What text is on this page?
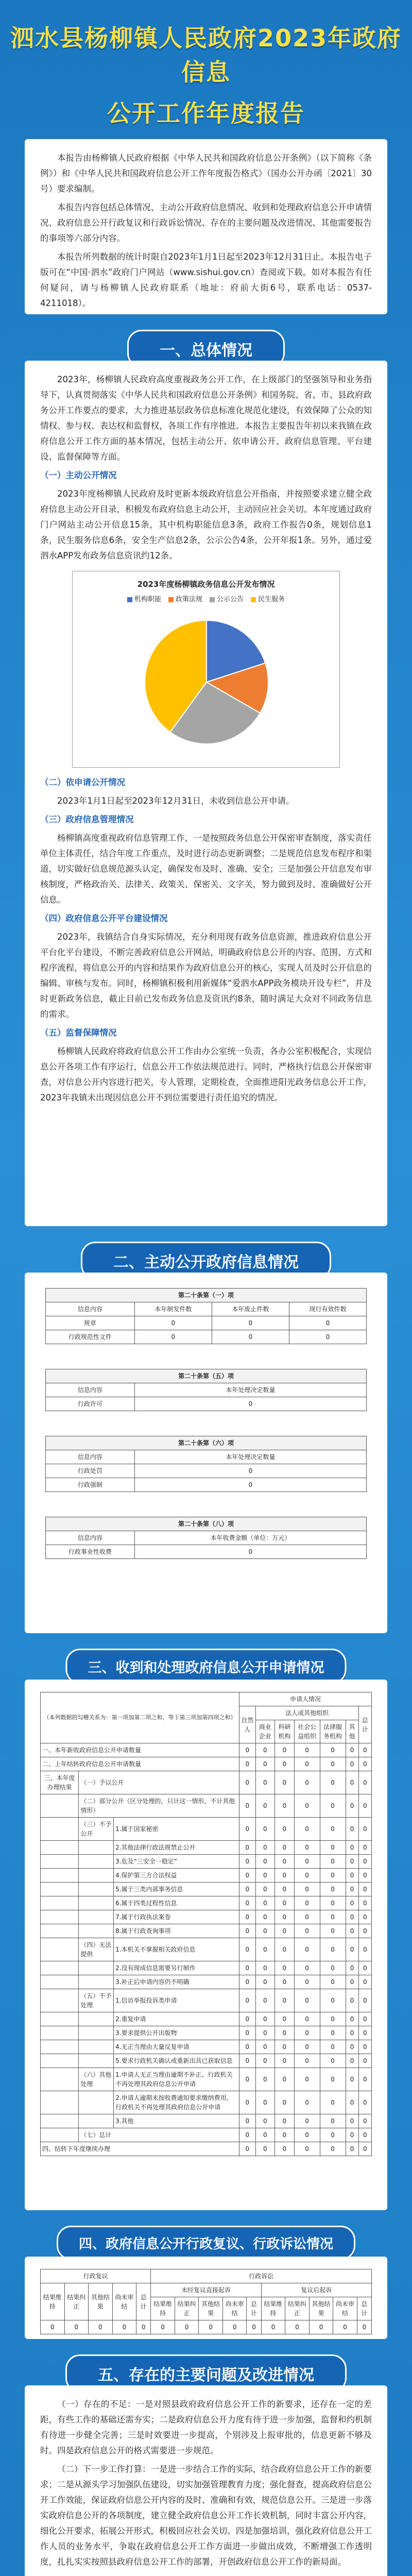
泗水县杨柳镇人民政府2023年政府信息
公开工作年度报告

本报告由杨柳镇人民政府根据《中华人民共和国政府信息公开条例》（以下简称《条例》）和《中华人民共和国政府信息公开工作年度报告格式》（国办公开办函〔2021〕30号）要求编制。

本报告内容包括总体情况、主动公开政府信息情况、收到和处理政府信息公开申请情况、政府信息公开行政复议和行政诉讼情况、存在的主要问题及改进情况、其他需要报告的事项等六部分内容。

本报告所列数据的统计时限自2023年1月1日起至2023年12月31日止。本报告电子版可在“中国·泗水”政府门户网站（www.sishui.gov.cn）查阅或下载。如对本报告有任何疑问，请与杨柳镇人民政府联系（地址：府前大街6号，联系电话：0537-4211018）。

一、总体情况

2023年，杨柳镇人民政府高度重视政务公开工作，在上级部门的坚强领导和业务指导下，认真贯彻落实《中华人民共和国政府信息公开条例》和国务院、省、市、县政府政务公开工作要点的要求，大力推进基层政务信息标准化规范化建设，有效保障了公众的知情权、参与权、表达权和监督权，各项工作有序推进。本报告主要报告年初以来我镇在政府信息公开工作方面的基本情况，包括主动公开、依申请公开、政府信息管理、平台建设、监督保障等方面。

（一）主动公开情况

2023年度杨柳镇人民政府及时更新本级政府信息公开指南，并按照要求建立健全政府信息主动公开目录，积极发布政府信息主动公开，主动回应社会关切。本年度通过政府门户网站主动公开信息15条，其中机构职能信息3条，政府工作报告0条，规划信息1条，民生服务信息6条，安全生产信息2条，公示公告4条，公开年报1条。另外，通过爱泗水APP发布政务信息资讯约12条。

2023年度杨柳镇政务信息公开发布情况
机构职能	政策法规	公示公告	民生服务

（二）依申请公开情况

2023年1月1日起至2023年12月31日，未收到信息公开申请。

（三）政府信息管理情况

杨柳镇高度重视政府信息管理工作，一是按照政务信息公开保密审查制度，落实责任单位主体责任，结合年度工作重点，及时进行动态更新调整；二是规范信息发布程序和渠道，切实做好信息规范源头认定，确保发布及时、准确、安全；三是加强公开信息发布审核制度，严格政治关、法律关、政策关、保密关、文字关，努力做到及时、准确做好公开信息。

（四）政府信息公开平台建设情况

2023年，我镇结合自身实际情况，充分利用现有政务信息资源，推进政府信息公开平台化平台建设，不断完善政府信息公开网站，明确政府信息公开的内容、范围、方式和程序流程，将信息公开的内容和结果作为政府信息公开的核心，实现人员及时公开信息的编辑、审核与发布。同时，杨柳镇积极利用新媒体“爱泗水APP政务模块开设专栏”，并及时更新政务信息，截止目前已发布政务信息及资讯约8条，随时满足大众对不同政务信息的需求。

（五）监督保障情况

杨柳镇人民政府将政府信息公开工作由办公室统一负责，各办公室积极配合，实现信息公开各项工作有序运行，信息公开工作依法规范进行。同时，严格执行信息公开保密审查，对信息公开内容进行把关，专人管理，定期检查，全面推进阳光政务信息公开工作，2023年我镇未出现因信息公开不到位需要进行责任追究的情况。

二、主动公开政府信息情况
第二十条第（一）项			
信息内容	本年制发件数	本年废止件数	现行有效件数
规章	0	0	0
行政规范性文件	0	0	0

第二十条第（五）项			
信息内容	本年处理决定数量		
行政许可	0		

第二十条第（六）项			
信息内容	本年处理决定数量		
行政处罚	0		
行政强制	0		

第二十条第（八）项			
信息内容	本年收费金额（单位：万元）		
行政事业性收费	0		
三、收到和处理政府信息公开申请情况
（本列数据的勾稽关系为：第一项加第二项之和，等于第三项加第四项之和）			申请人情况						
			自然人	法人或其他组织					总计
				商业企业	科研机构	社会公益组织	法律服务机构	其他	
一、本年新收政府信息公开申请数量			0	0	0	0	0	0	0
二、上年结转政府信息公开申请数量			0	0	0	0	0	0	0
三、本年度办理结果	（一）予以公开		0	0	0	0	0	0	0
	（二）部分公开（区分处理的，只计这一情形，不计其他情形）		0	0	0	0	0	0	0
	（三）不予公开	1.属于国家秘密	0	0	0	0	0	0	0
		2.其他法律行政法规禁止公开	0	0	0	0	0	0	0
		3.危及“三安全一稳定”	0	0	0	0	0	0	0
		4.保护第三方合法权益	0	0	0	0	0	0	0
		5.属于三类内部事务信息	0	0	0	0	0	0	0
		6.属于四类过程性信息	0	0	0	0	0	0	0
		7.属于行政执法案卷	0	0	0	0	0	0	0
		8.属于行政查询事项	0	0	0	0	0	0	0
	（四）无法提供	1.本机关不掌握相关政府信息	0	0	0	0	0	0	0
		2.没有现成信息需要另行制作	0	0	0	0	0	0	0
		3.补正后申请内容仍不明确	0	0	0	0	0	0	0
	（五）不予处理	1.信访举报投诉类申请	0	0	0	0	0	0	0
		2.重复申请	0	0	0	0	0	0	0
		3.要求提供公开出版物	0	0	0	0	0	0	0
		4.无正当理由大量反复申请	0	0	0	0	0	0	0
		5.要求行政机关确认或重新出具已获取信息	0	0	0	0	0	0	0
	（六）其他处理	1.申请人无正当理由逾期不补正、行政机关不再处理其政府信息公开申请	0	0	0	0	0	0	0
		2.申请人逾期未按收费通知要求缴纳费用、行政机关不再处理其政府信息公开申请	0	0	0	0	0	0	0
		3.其他	0	0	0	0	0	0	0
	（七）总计		0	0	0	0	0	0	0
四、结转下年度继续办理			0	0	0	0	0	0	0
四、政府信息公开行政复议、行政诉讼情况
行政复议					行政诉讼									
结果维持	结果纠正	其他结果	尚未审结	总计	未经复议直接起诉					复议后起诉				
					结果维持	结果纠正	其他结果	尚未审结	总计	结果维持	结果纠正	其他结果	尚未审结	总计
0	0	0	0	0	0	0	0	0	0	0	0	0	0	0
五、存在的主要问题及改进情况

（一）存在的不足：一是对照县政府政府信息公开工作的新要求，还存在一定的差距，有些工作的基础还需夯实；二是政府信息公开力度有待于进一步加强，监督和约机制有待进一步健全完善；三是时效要进一步提高，个别涉及上报审批的，信息更新不够及时。四是政府信息公开的格式需要进一步规范。

（二）下一步工作打算：一是进一步结合工作的实际，结合政府信息公开工作的新要求；二是从源头学习加强队伍建设，切实加强管理教育力度；强化督查，提高政府信息公开工作效能，保证政府信息公开内容的及时、准确和有效，规范信息公开。三是进一步落实政府信息公开的各项制度，建立健全政府信息公开工作长效机制，同时丰富公开内容，细化公开要求，拓展公开形式，积极回应社会关切。四是加强培训，强化政府信息公开工作人员的业务水平，争取在政府信息公开工作方面进一步做出成效，不断增强工作透明度，扎扎实实按照县政府信息公开工作的部署，开创政府信息公开工作的新局面。
